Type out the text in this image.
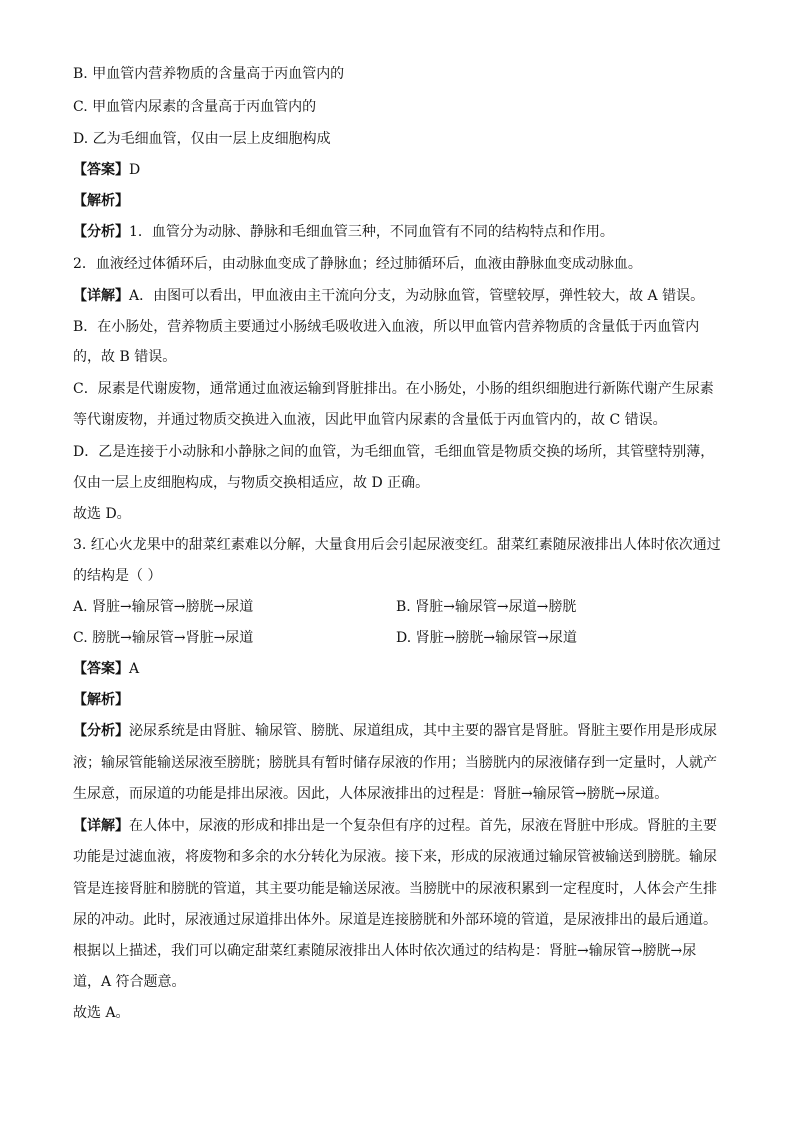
B. 甲血管内营养物质的含量高于丙血管内的
C. 甲血管内尿素的含量高于丙血管内的
D. 乙为毛细血管，仅由一层上皮细胞构成
【答案】D
【解析】
【分析】1．血管分为动脉、静脉和毛细血管三种，不同血管有不同的结构特点和作用。
2．血液经过体循环后，由动脉血变成了静脉血；经过肺循环后，血液由静脉血变成动脉血。
【详解】A．由图可以看出，甲血液由主干流向分支，为动脉血管，管壁较厚，弹性较大，故 A 错误。
B．在小肠处，营养物质主要通过小肠绒毛吸收进入血液，所以甲血管内营养物质的含量低于丙血管内
的，故 B 错误。
C．尿素是代谢废物，通常通过血液运输到肾脏排出。在小肠处，小肠的组织细胞进行新陈代谢产生尿素
等代谢废物，并通过物质交换进入血液，因此甲血管内尿素的含量低于丙血管内的，故 C 错误。
D．乙是连接于小动脉和小静脉之间的血管，为毛细血管，毛细血管是物质交换的场所，其管壁特别薄，
仅由一层上皮细胞构成，与物质交换相适应，故 D 正确。
故选 D。
3. 红心火龙果中的甜菜红素难以分解，大量食用后会引起尿液变红。甜菜红素随尿液排出人体时依次通过
的结构是（ ）
A. 肾脏→输尿管→膀胱→尿道	B. 肾脏→输尿管→尿道→膀胱
C. 膀胱→输尿管→肾脏→尿道	D. 肾脏→膀胱→输尿管→尿道
【答案】A
【解析】
【分析】泌尿系统是由肾脏、输尿管、膀胱、尿道组成，其中主要的器官是肾脏。肾脏主要作用是形成尿
液；输尿管能输送尿液至膀胱；膀胱具有暂时储存尿液的作用；当膀胱内的尿液储存到一定量时，人就产
生尿意，而尿道的功能是排出尿液。因此，人体尿液排出的过程是：肾脏→输尿管→膀胱→尿道。
【详解】在人体中，尿液的形成和排出是一个复杂但有序的过程。首先，尿液在肾脏中形成。肾脏的主要
功能是过滤血液，将废物和多余的水分转化为尿液。接下来，形成的尿液通过输尿管被输送到膀胱。输尿
管是连接肾脏和膀胱的管道，其主要功能是输送尿液。当膀胱中的尿液积累到一定程度时，人体会产生排
尿的冲动。此时，尿液通过尿道排出体外。尿道是连接膀胱和外部环境的管道，是尿液排出的最后通道。
根据以上描述，我们可以确定甜菜红素随尿液排出人体时依次通过的结构是：肾脏→输尿管→膀胱→尿
道，A 符合题意。
故选 A。
